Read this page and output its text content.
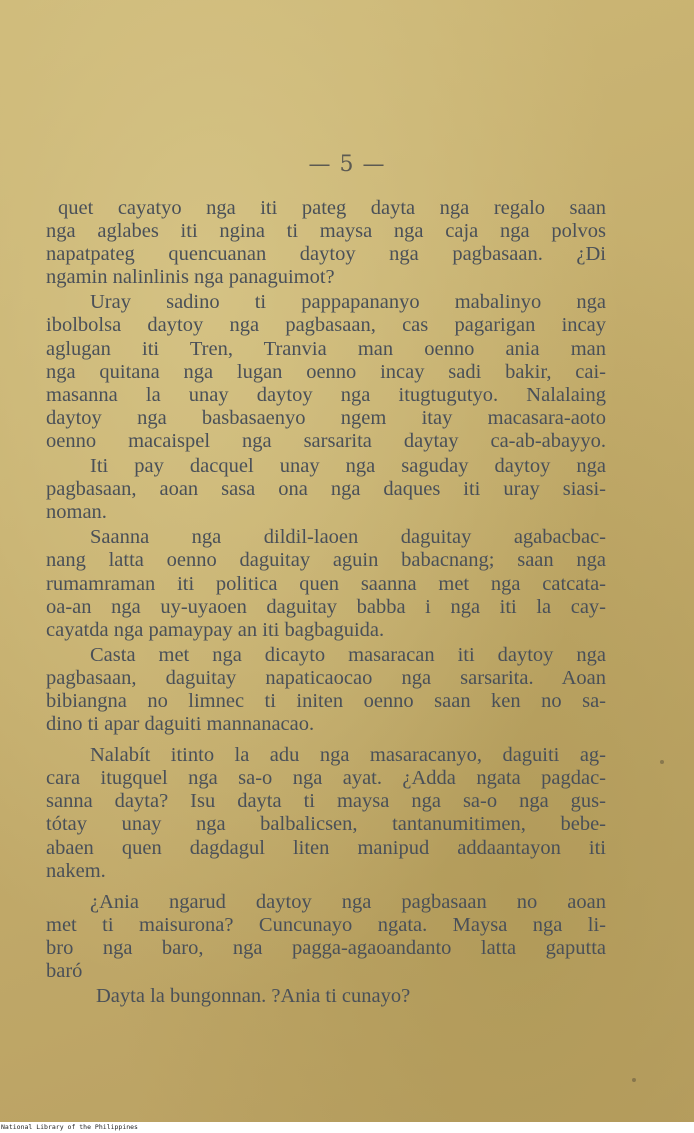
— 5 —
quet cayatyo nga iti pateg dayta nga regalo saan
nga aglabes iti ngina ti maysa nga caja nga polvos
napatpateg quencuanan daytoy nga pagbasaan. ¿Di
ngamin nalinlinis nga panaguimot?
Uray sadino ti pappapananyo mabalinyo nga
ibolbolsa daytoy nga pagbasaan, cas pagarigan incay
aglugan iti Tren, Tranvia man oenno ania man
nga quitana nga lugan oenno incay sadi bakir, cai-
masanna la unay daytoy nga itugtugutyo. Nalalaing
daytoy nga basbasaenyo ngem itay macasara-aoto
oenno macaispel nga sarsarita daytay ca-ab-abayyo.
Iti pay dacquel unay nga saguday daytoy nga
pagbasaan, aoan sasa ona nga daques iti uray siasi-
noman.
Saanna nga dildil-laoen daguitay agabacbac-
nang latta oenno daguitay aguin babacnang; saan nga
rumamraman iti politica quen saanna met nga catcata-
oa-an nga uy-uyaoen daguitay babba i nga iti la cay-
cayatda nga pamaypay an iti bagbaguida.
Casta met nga dicayto masaracan iti daytoy nga
pagbasaan, daguitay napaticaocao nga sarsarita. Aoan
bibiangna no limnec ti initen oenno saan ken no sa-
dino ti apar daguiti mannanacao.
Nalabít itinto la adu nga masaracanyo, daguiti ag-
cara itugquel nga sa-o nga ayat. ¿Adda ngata pagdac-
sanna dayta? Isu dayta ti maysa nga sa-o nga gus-
tótay unay nga balbalicsen, tantanumitimen, bebe-
abaen quen dagdagul liten manipud addaantayon iti
nakem.
¿Ania ngarud daytoy nga pagbasaan no aoan
met ti maisurona? Cuncunayo ngata. Maysa nga li-
bro nga baro, nga pagga-agaoandanto latta gaputta
baró
Dayta la bungonnan. ?Ania ti cunayo?
National Library of the Philippines
